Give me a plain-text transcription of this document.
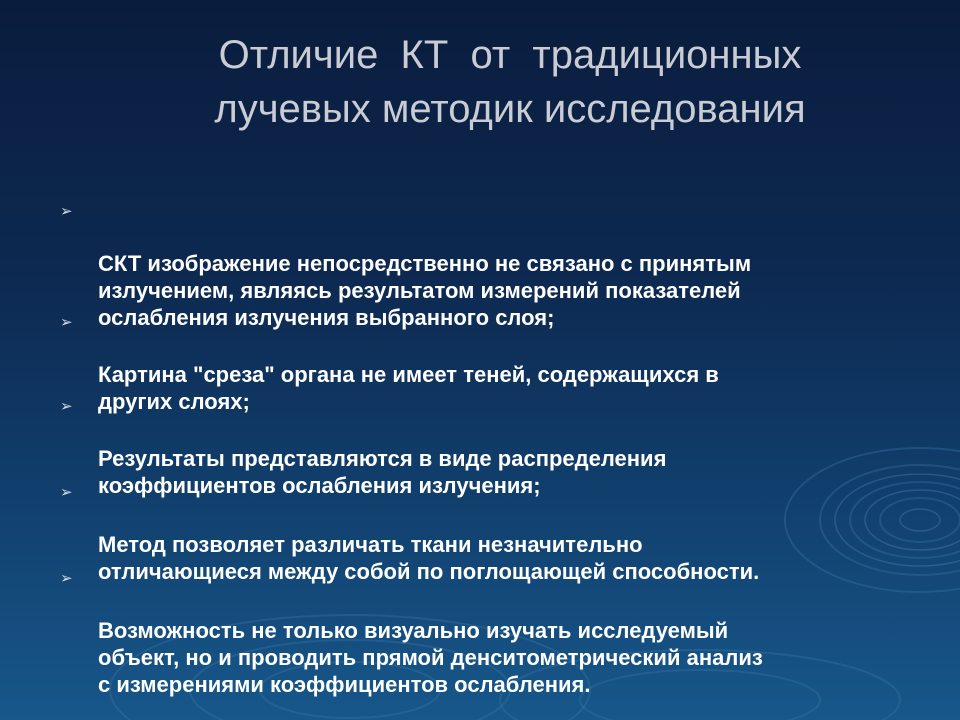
Отличие  КТ  от  традиционных
лучевых методик исследования

➢

СКТ изображение непосредственно не связано с принятым
излучением, являясь результатом измерений показателей
ослабления излучения выбранного слоя;

➢

Картина "среза" органа не имеет теней, содержащихся в
других слоях;

➢

Результаты представляются в виде распределения
коэффициентов ослабления излучения;

➢

Метод позволяет различать ткани незначительно
отличающиеся между собой по поглощающей способности.

➢

Возможность не только визуально изучать исследуемый
объект, но и проводить прямой денситометрический анализ
с измерениями коэффициентов ослабления.
